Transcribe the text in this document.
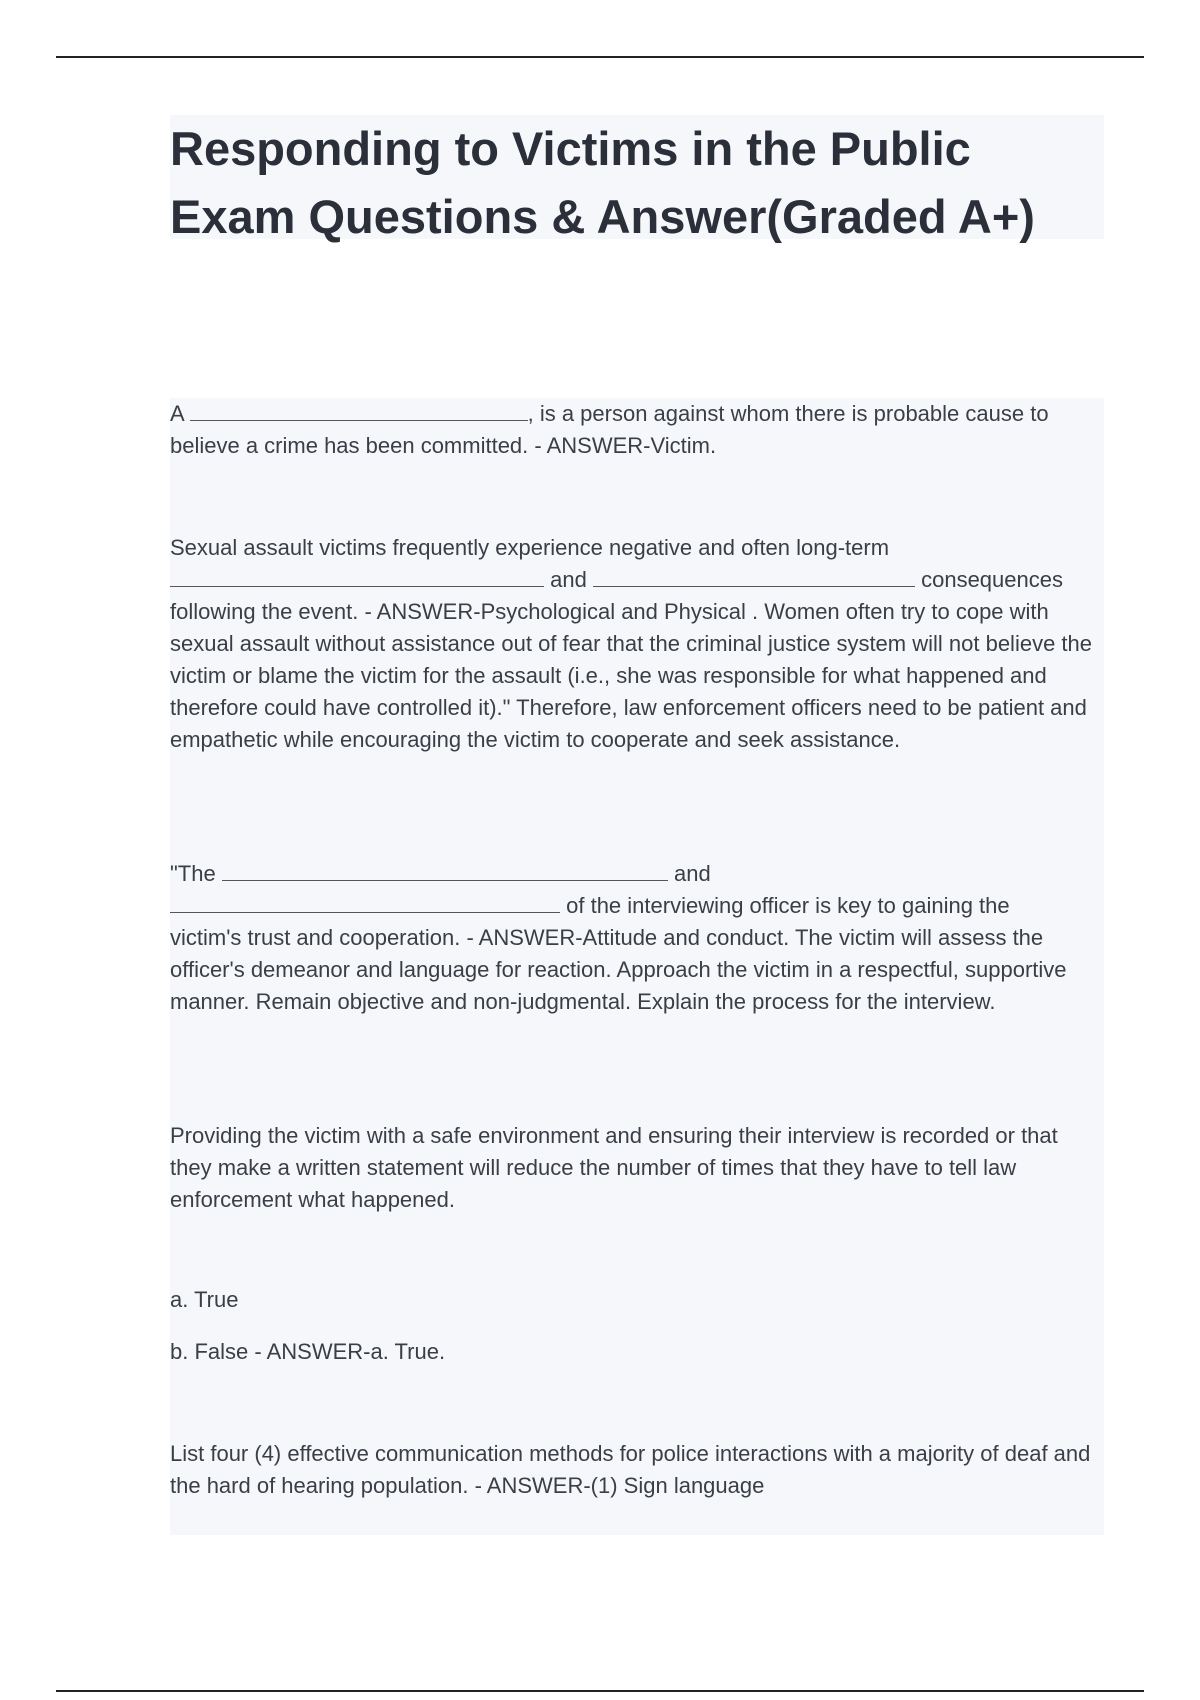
Responding to Victims in the Public
Exam Questions & Answer(Graded A+)

A	, is a person against whom there is probable cause to believe a crime has been committed. - ANSWER-Victim.

Sexual assault victims frequently experience negative and often long-term
and	consequences
following the event. - ANSWER-Psychological and Physical . Women often try to cope with sexual assault without assistance out of fear that the criminal justice system will not believe the victim or blame the victim for the assault (i.e., she was responsible for what happened and therefore could have controlled it)." Therefore, law enforcement officers need to be patient and empathetic while encouraging the victim to cooperate and seek assistance.
"The	and
of the interviewing officer is key to gaining the
victim's trust and cooperation. - ANSWER-Attitude and conduct. The victim will assess the officer's demeanor and language for reaction. Approach the victim in a respectful, supportive manner. Remain objective and non-judgmental. Explain the process for the interview.
Providing the victim with a safe environment and ensuring their interview is recorded or that they make a written statement will reduce the number of times that they have to tell law enforcement what happened.

a. True

b. False - ANSWER-a. True.

List four (4) effective communication methods for police interactions with a majority of deaf and the hard of hearing population. - ANSWER-(1) Sign language
